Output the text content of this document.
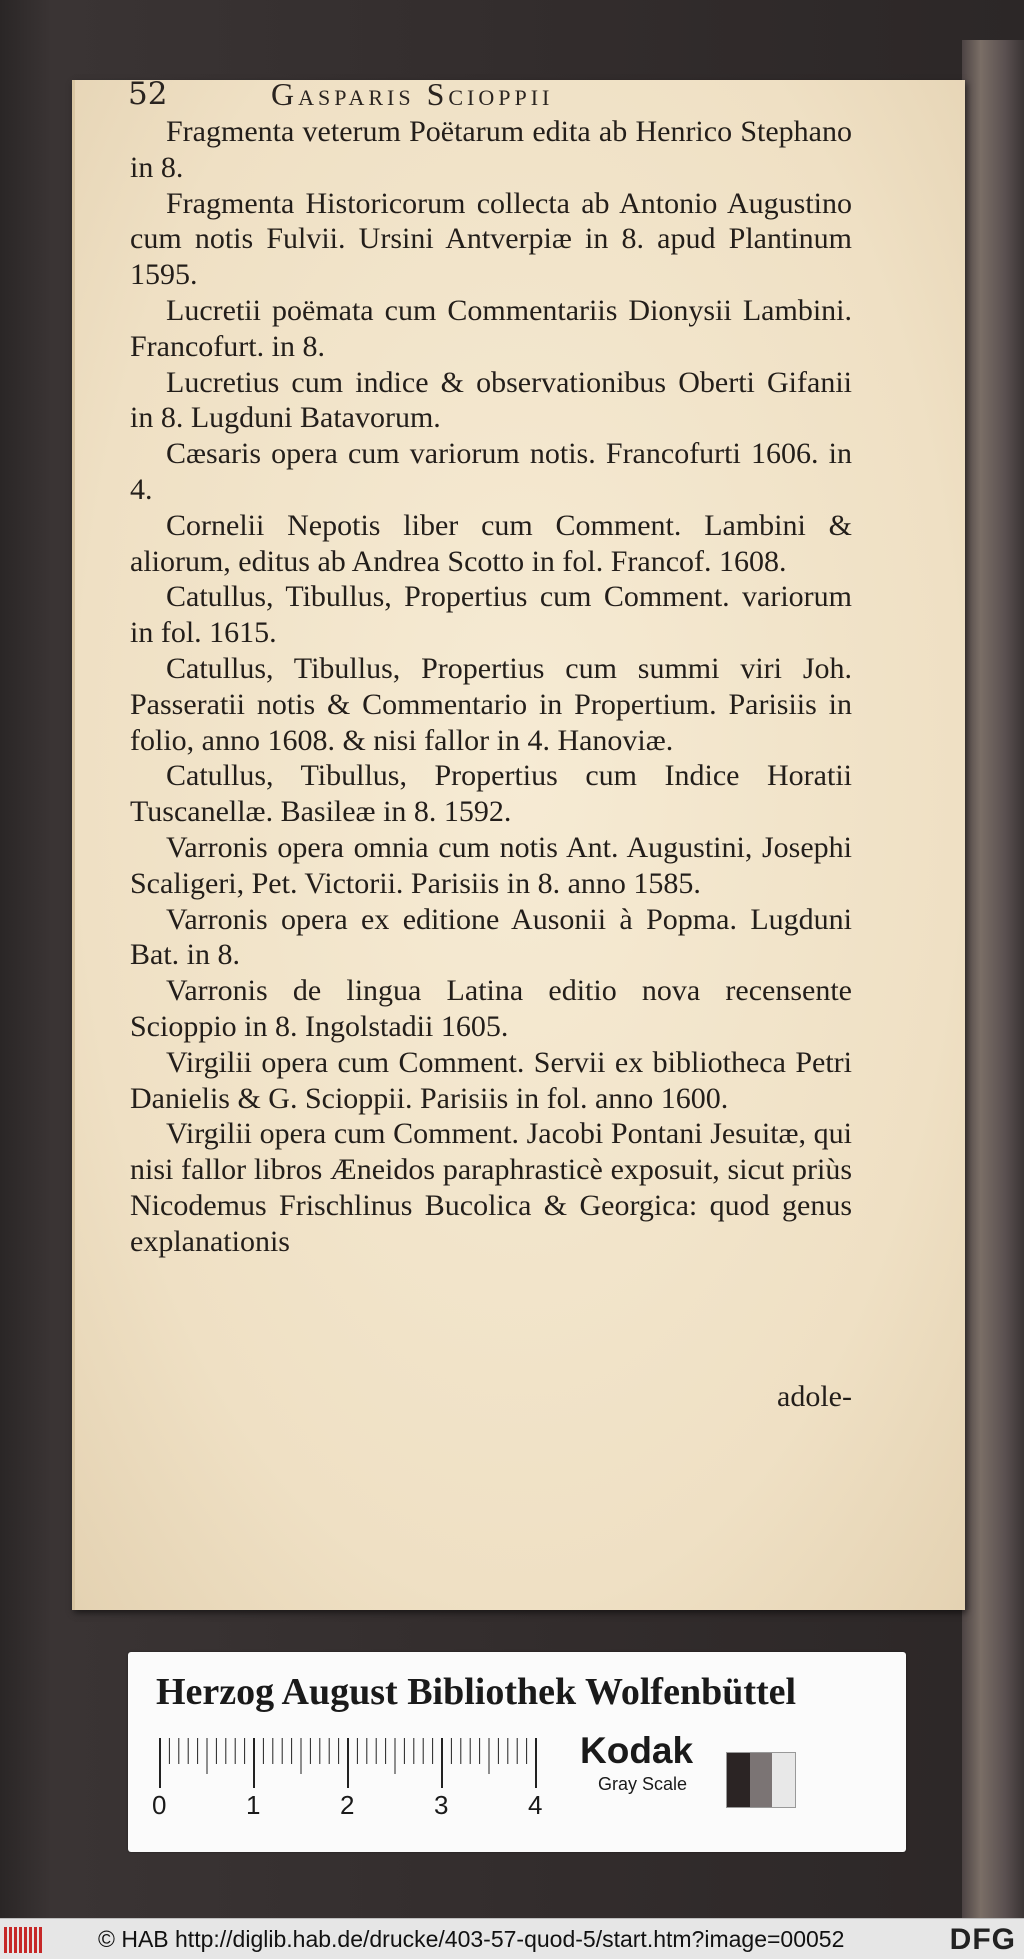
52	Gasparis Scioppii

Fragmenta veterum Poëtarum edita ab Henrico Stephano in 8.

Fragmenta Historicorum collecta ab Antonio Augustino cum notis Fulvii. Ursini Antverpiæ in 8. apud Plantinum 1595.

Lucretii poëmata cum Commentariis Dionysii Lambini. Francofurt. in 8.

Lucretius cum indice & observationibus Oberti Gifanii in 8. Lugduni Batavorum.

Cæsaris opera cum variorum notis. Francofurti 1606. in 4.

Cornelii Nepotis liber cum Comment. Lambini & aliorum, editus ab Andrea Scotto in fol. Francof. 1608.

Catullus, Tibullus, Propertius cum Comment. variorum in fol. 1615.

Catullus, Tibullus, Propertius cum summi viri Joh. Passeratii notis & Commentario in Propertium. Parisiis in folio, anno 1608. & nisi fallor in 4. Hanoviæ.

Catullus, Tibullus, Propertius cum Indice Horatii Tuscanellæ. Basileæ in 8. 1592.

Varronis opera omnia cum notis Ant. Augustini, Josephi Scaligeri, Pet. Victorii. Parisiis in 8. anno 1585.

Varronis opera ex editione Ausonii à Popma. Lugduni Bat. in 8.

Varronis de lingua Latina editio nova recensente Scioppio in 8. Ingolstadii 1605.

Virgilii opera cum Comment. Servii ex bibliotheca Petri Danielis & G. Scioppii. Parisiis in fol. anno 1600.

Virgilii opera cum Comment. Jacobi Pontani Jesuitæ, qui nisi fallor libros Æneidos paraphrasticè exposuit, sicut priùs Nicodemus Frischlinus Bucolica & Georgica: quod genus explanationis

adole-
Herzog August Bibliothek Wolfenbüttel
0	1	2	3	4
Kodak
Gray Scale
© HAB http://diglib.hab.de/drucke/403-57-quod-5/start.htm?image=00052	DFG
